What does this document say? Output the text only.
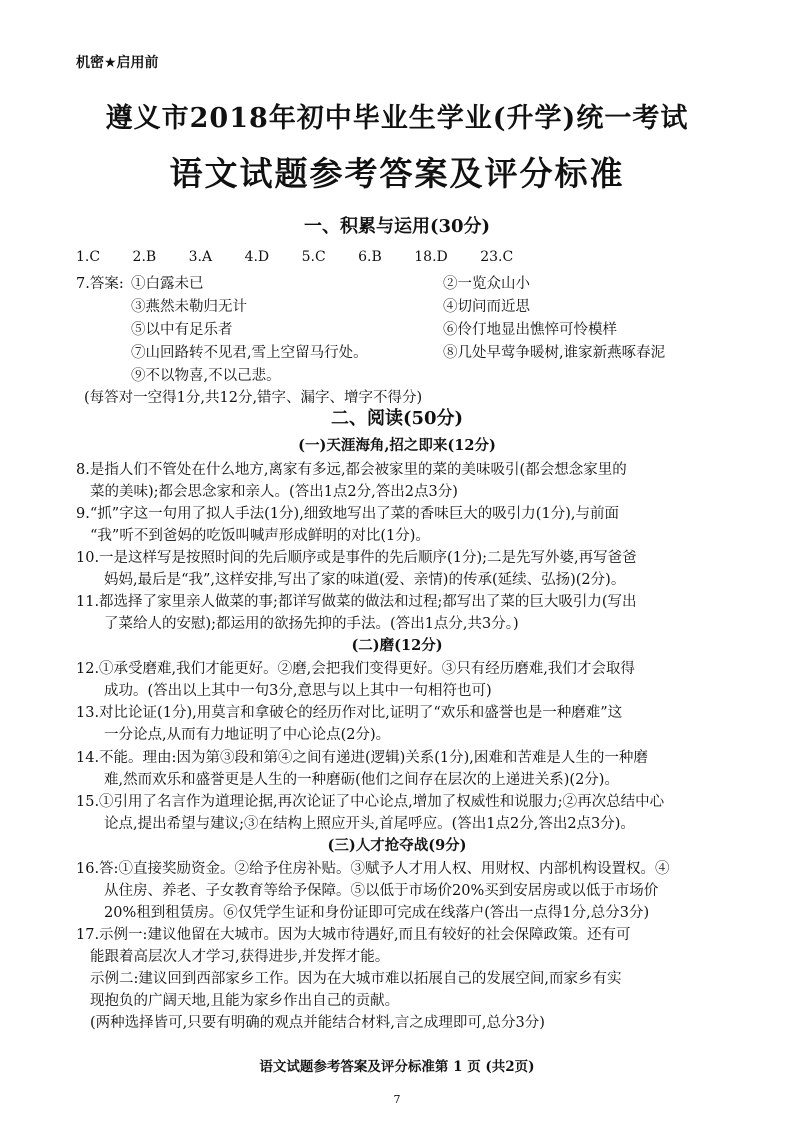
机密★启用前
遵义市2018年初中毕业生学业(升学)统一考试
语文试题参考答案及评分标准
一、积累与运用(30分)
1.C 2.B 3.A 4.D 5.C 6.B 18.D 23.C
7.答案: ①白露未已	②一览众山小
③燕然未勒归无计	④切问而近思
⑤以中有足乐者	⑥伶仃地显出憔悴可怜模样
⑦山回路转不见君,雪上空留马行处。	⑧几处早莺争暖树,谁家新燕啄春泥
⑨不以物喜,不以己悲。
(每答对一空得1分,共12分,错字、漏字、增字不得分)
二、阅读(50分)
(一)天涯海角,招之即来(12分)
8.是指人们不管处在什么地方,离家有多远,都会被家里的菜的美味吸引(都会想念家里的
菜的美味);都会思念家和亲人。(答出1点2分,答出2点3分)
9.“抓”字这一句用了拟人手法(1分),细致地写出了菜的香味巨大的吸引力(1分),与前面
“我”听不到爸妈的吃饭叫喊声形成鲜明的对比(1分)。
10.一是这样写是按照时间的先后顺序或是事件的先后顺序(1分);二是先写外婆,再写爸爸
妈妈,最后是“我”,这样安排,写出了家的味道(爱、亲情)的传承(延续、弘扬)(2分)。
11.都选择了家里亲人做菜的事;都详写做菜的做法和过程;都写出了菜的巨大吸引力(写出
了菜给人的安慰);都运用的欲扬先抑的手法。(答出1点分,共3分。)
(二)磨(12分)
12.①承受磨难,我们才能更好。②磨,会把我们变得更好。③只有经历磨难,我们才会取得
成功。(答出以上其中一句3分,意思与以上其中一句相符也可)
13.对比论证(1分),用莫言和拿破仑的经历作对比,证明了“欢乐和盛誉也是一种磨难”这
一分论点,从而有力地证明了中心论点(2分)。
14.不能。理由:因为第③段和第④之间有递进(逻辑)关系(1分),困难和苦难是人生的一种磨
难,然而欢乐和盛誉更是人生的一种磨砺(他们之间存在层次的上递进关系)(2分)。
15.①引用了名言作为道理论据,再次论证了中心论点,增加了权威性和说服力;②再次总结中心
论点,提出希望与建议;③在结构上照应开头,首尾呼应。(答出1点2分,答出2点3分)。
(三)人才抢夺战(9分)
16.答:①直接奖励资金。②给予住房补贴。③赋予人才用人权、用财权、内部机构设置权。④
从住房、养老、子女教育等给予保障。⑤以低于市场价20%买到安居房或以低于市场价
20%租到租赁房。⑥仅凭学生证和身份证即可完成在线落户(答出一点得1分,总分3分)
17.示例一:建议他留在大城市。因为大城市待遇好,而且有较好的社会保障政策。还有可
能跟着高层次人才学习,获得进步,并发挥才能。
示例二:建议回到西部家乡工作。因为在大城市难以拓展自己的发展空间,而家乡有实
现抱负的广阔天地,且能为家乡作出自己的贡献。
(两种选择皆可,只要有明确的观点并能结合材料,言之成理即可,总分3分)
语文试题参考答案及评分标准第 1 页 (共2页)
7
